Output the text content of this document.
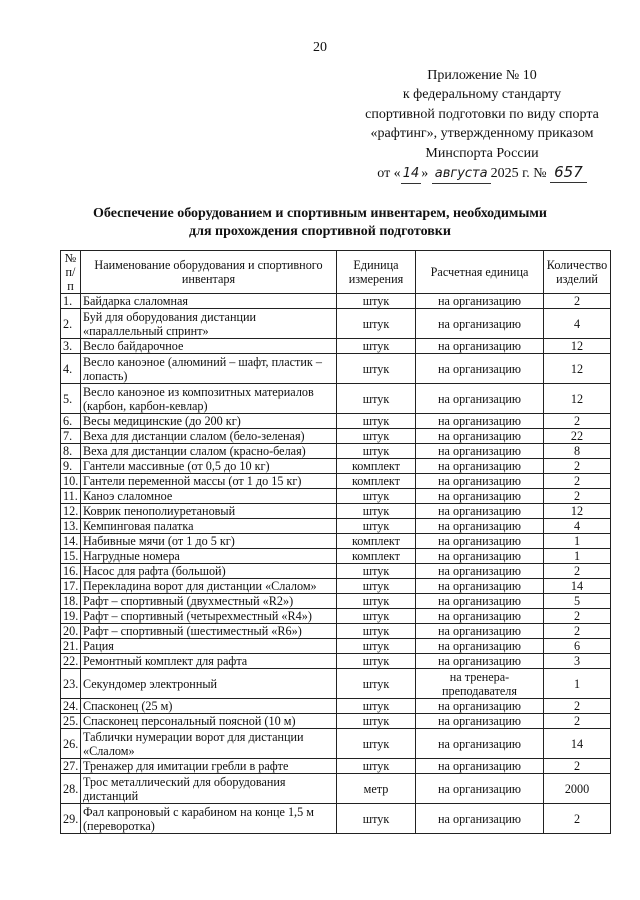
20
Приложение № 10
к федеральному стандарту
спортивной подготовки по виду спорта
«рафтинг», утвержденному приказом
Минспорта России
от « 14 » августа 2025 г. № 657
Обеспечение оборудованием и спортивным инвентарем, необходимыми
для прохождения спортивной подготовки
№ п/п	Наименование оборудования и спортивного инвентаря	Единица измерения	Расчетная единица	Количество изделий
1.	Байдарка слаломная	штук	на организацию	2
2.	Буй для оборудования дистанции «параллельный спринт»	штук	на организацию	4
3.	Весло байдарочное	штук	на организацию	12
4.	Весло каноэное (алюминий – шафт, пластик – лопасть)	штук	на организацию	12
5.	Весло каноэное из композитных материалов (карбон, карбон-кевлар)	штук	на организацию	12
6.	Весы медицинские (до 200 кг)	штук	на организацию	2
7.	Веха для дистанции слалом (бело-зеленая)	штук	на организацию	22
8.	Веха для дистанции слалом (красно-белая)	штук	на организацию	8
9.	Гантели массивные (от 0,5 до 10 кг)	комплект	на организацию	2
10.	Гантели переменной массы (от 1 до 15 кг)	комплект	на организацию	2
11.	Каноэ слаломное	штук	на организацию	2
12.	Коврик пенополиуретановый	штук	на организацию	12
13.	Кемпинговая палатка	штук	на организацию	4
14.	Набивные мячи (от 1 до 5 кг)	комплект	на организацию	1
15.	Нагрудные номера	комплект	на организацию	1
16.	Насос для рафта (большой)	штук	на организацию	2
17.	Перекладина ворот для дистанции «Слалом»	штук	на организацию	14
18.	Рафт – спортивный (двухместный «R2»)	штук	на организацию	5
19.	Рафт – спортивный (четырехместный «R4»)	штук	на организацию	2
20.	Рафт – спортивный (шестиместный «R6»)	штук	на организацию	2
21.	Рация	штук	на организацию	6
22.	Ремонтный комплект для рафта	штук	на организацию	3
23.	Секундомер электронный	штук	на тренера-преподавателя	1
24.	Спасконец (25 м)	штук	на организацию	2
25.	Спасконец персональный поясной (10 м)	штук	на организацию	2
26.	Таблички нумерации ворот для дистанции «Слалом»	штук	на организацию	14
27.	Тренажер для имитации гребли в рафте	штук	на организацию	2
28.	Трос металлический для оборудования дистанций	метр	на организацию	2000
29.	Фал капроновый с карабином на конце 1,5 м (переворотка)	штук	на организацию	2
